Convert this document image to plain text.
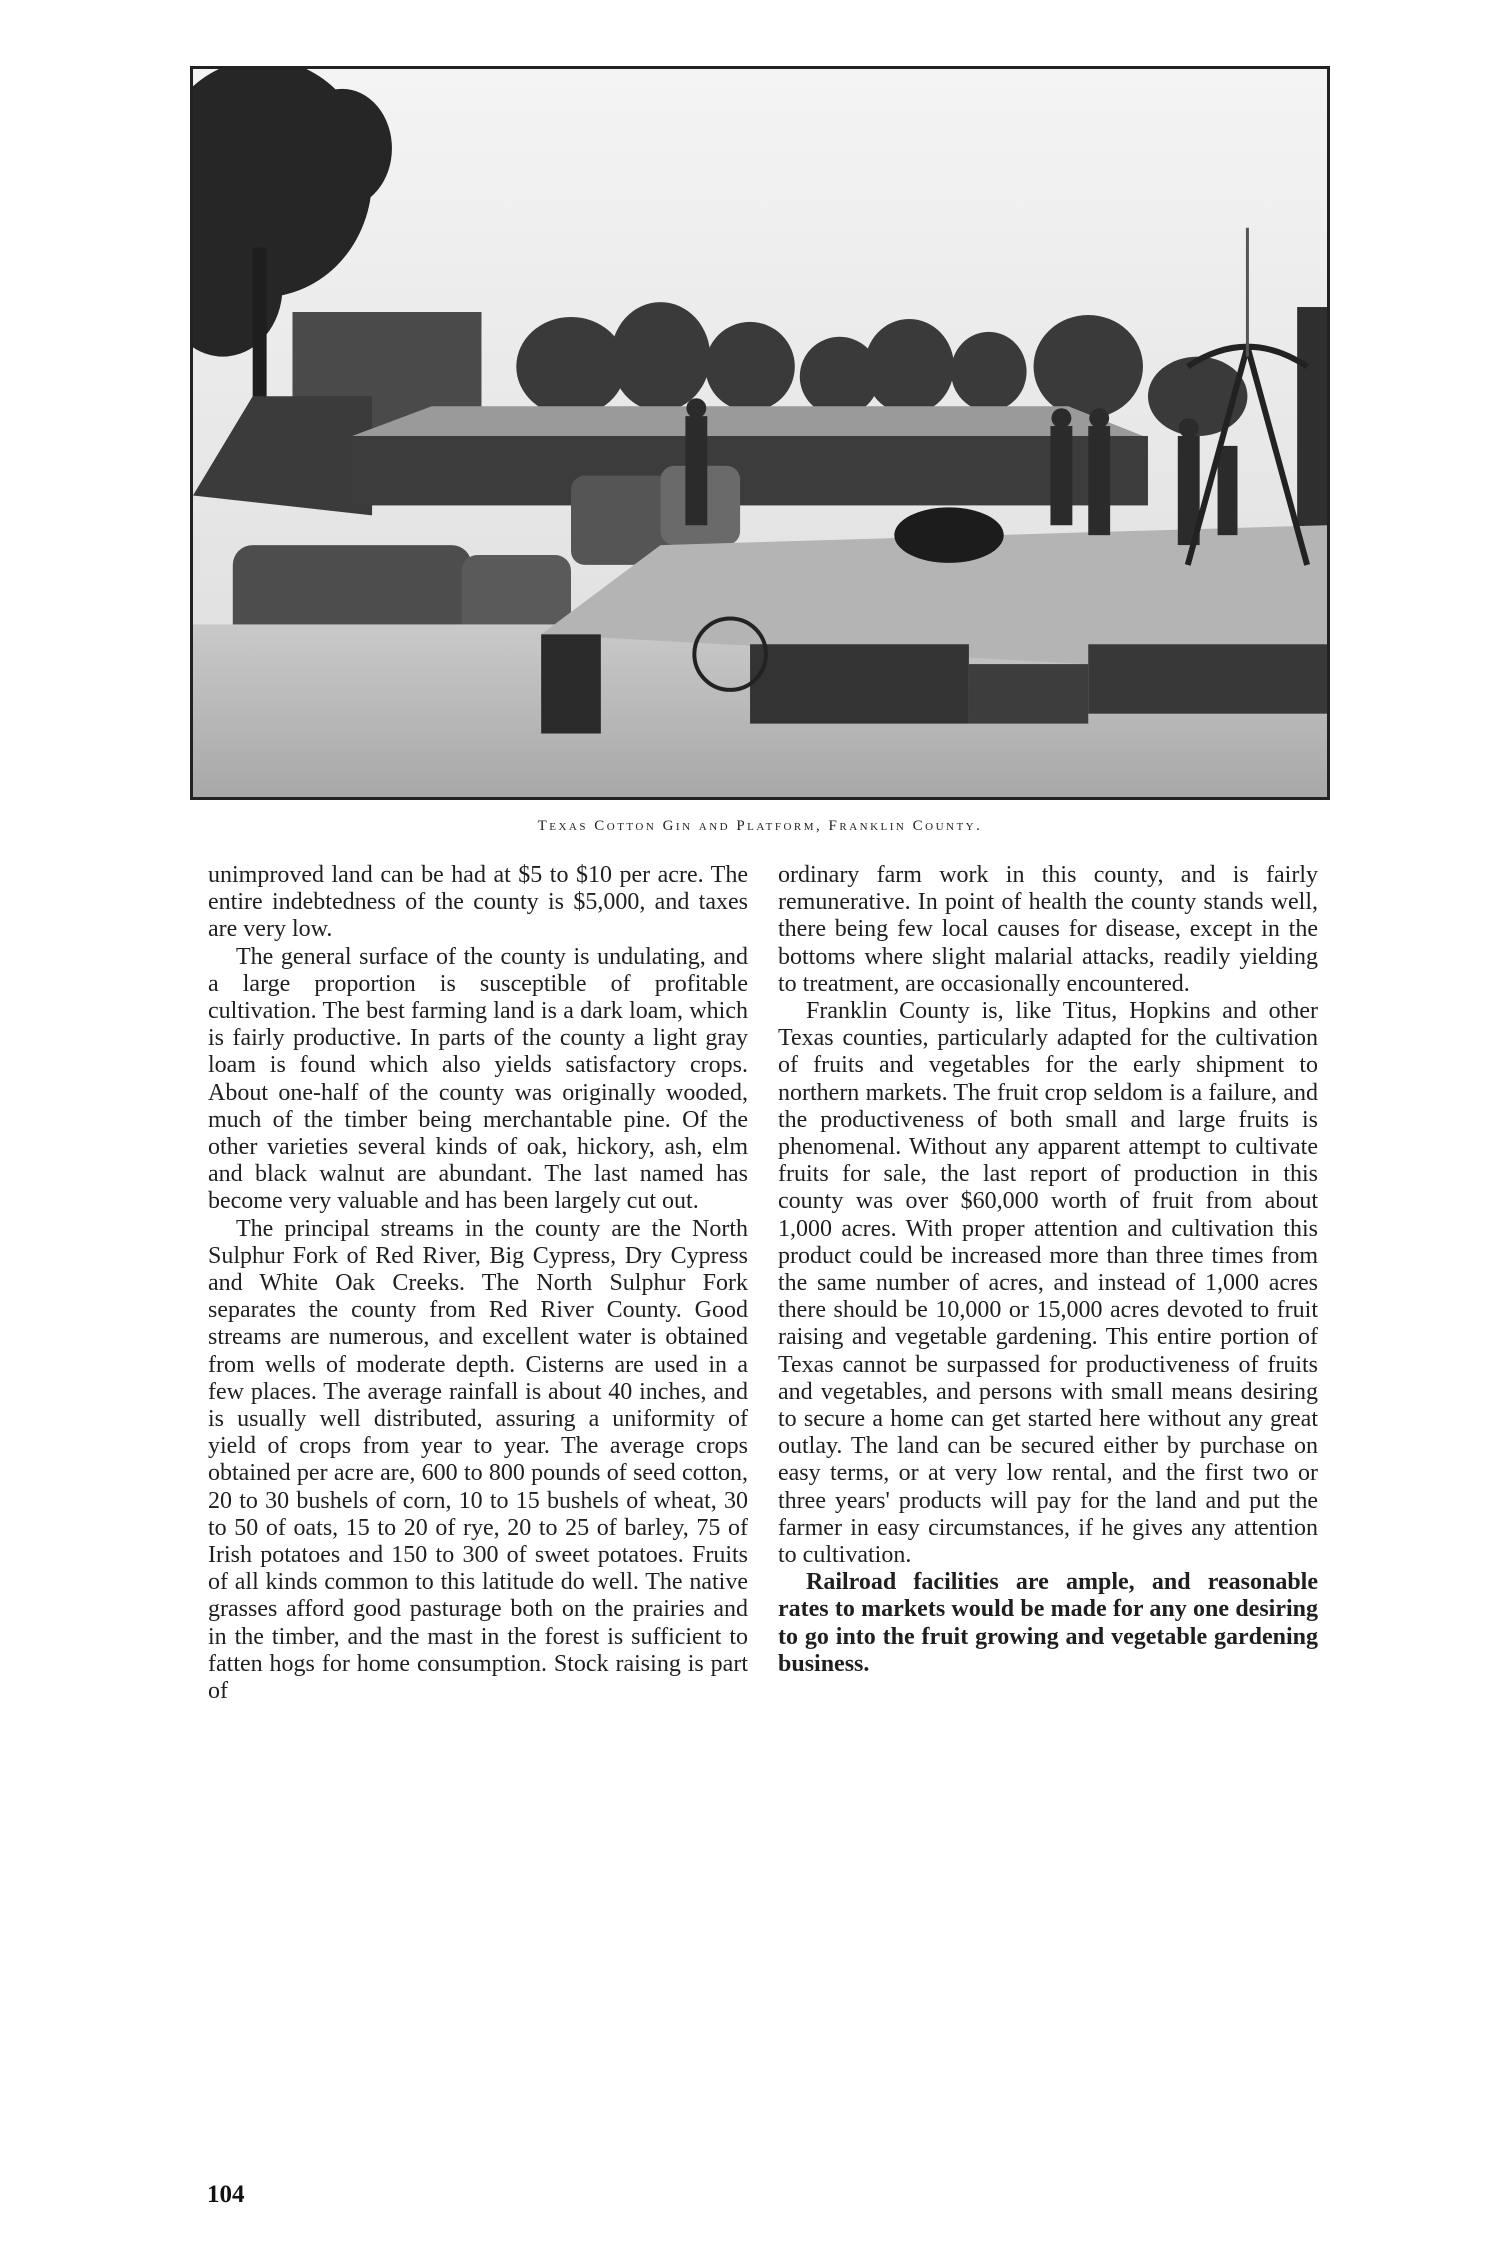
Texas Cotton Gin and Platform, Franklin County.

unimproved land can be had at $5 to $10 per acre. The entire indebtedness of the county is $5,000, and taxes are very low.

The general surface of the county is undulating, and a large proportion is susceptible of profitable cultivation. The best farming land is a dark loam, which is fairly productive. In parts of the county a light gray loam is found which also yields satisfactory crops. About one-half of the county was originally wooded, much of the timber being merchantable pine. Of the other varieties several kinds of oak, hickory, ash, elm and black walnut are abundant. The last named has become very valuable and has been largely cut out.

The principal streams in the county are the North Sulphur Fork of Red River, Big Cypress, Dry Cypress and White Oak Creeks. The North Sulphur Fork separates the county from Red River County. Good streams are numerous, and excellent water is obtained from wells of moderate depth. Cisterns are used in a few places. The average rainfall is about 40 inches, and is usually well distributed, assuring a uniformity of yield of crops from year to year. The average crops obtained per acre are, 600 to 800 pounds of seed cotton, 20 to 30 bushels of corn, 10 to 15 bushels of wheat, 30 to 50 of oats, 15 to 20 of rye, 20 to 25 of barley, 75 of Irish potatoes and 150 to 300 of sweet potatoes. Fruits of all kinds common to this latitude do well. The native grasses afford good pasturage both on the prairies and in the timber, and the mast in the forest is sufficient to fatten hogs for home consumption. Stock raising is part of

ordinary farm work in this county, and is fairly remunerative. In point of health the county stands well, there being few local causes for disease, except in the bottoms where slight malarial attacks, readily yielding to treatment, are occasionally encountered.

Franklin County is, like Titus, Hopkins and other Texas counties, particularly adapted for the cultivation of fruits and vegetables for the early shipment to northern markets. The fruit crop seldom is a failure, and the productiveness of both small and large fruits is phenomenal. Without any apparent attempt to cultivate fruits for sale, the last report of production in this county was over $60,000 worth of fruit from about 1,000 acres. With proper attention and cultivation this product could be increased more than three times from the same number of acres, and instead of 1,000 acres there should be 10,000 or 15,000 acres devoted to fruit raising and vegetable gardening. This entire portion of Texas cannot be surpassed for productiveness of fruits and vegetables, and persons with small means desiring to secure a home can get started here without any great outlay. The land can be secured either by purchase on easy terms, or at very low rental, and the first two or three years' products will pay for the land and put the farmer in easy circumstances, if he gives any attention to cultivation.

Railroad facilities are ample, and reasonable rates to markets would be made for any one desiring to go into the fruit growing and vegetable gardening business.

104
